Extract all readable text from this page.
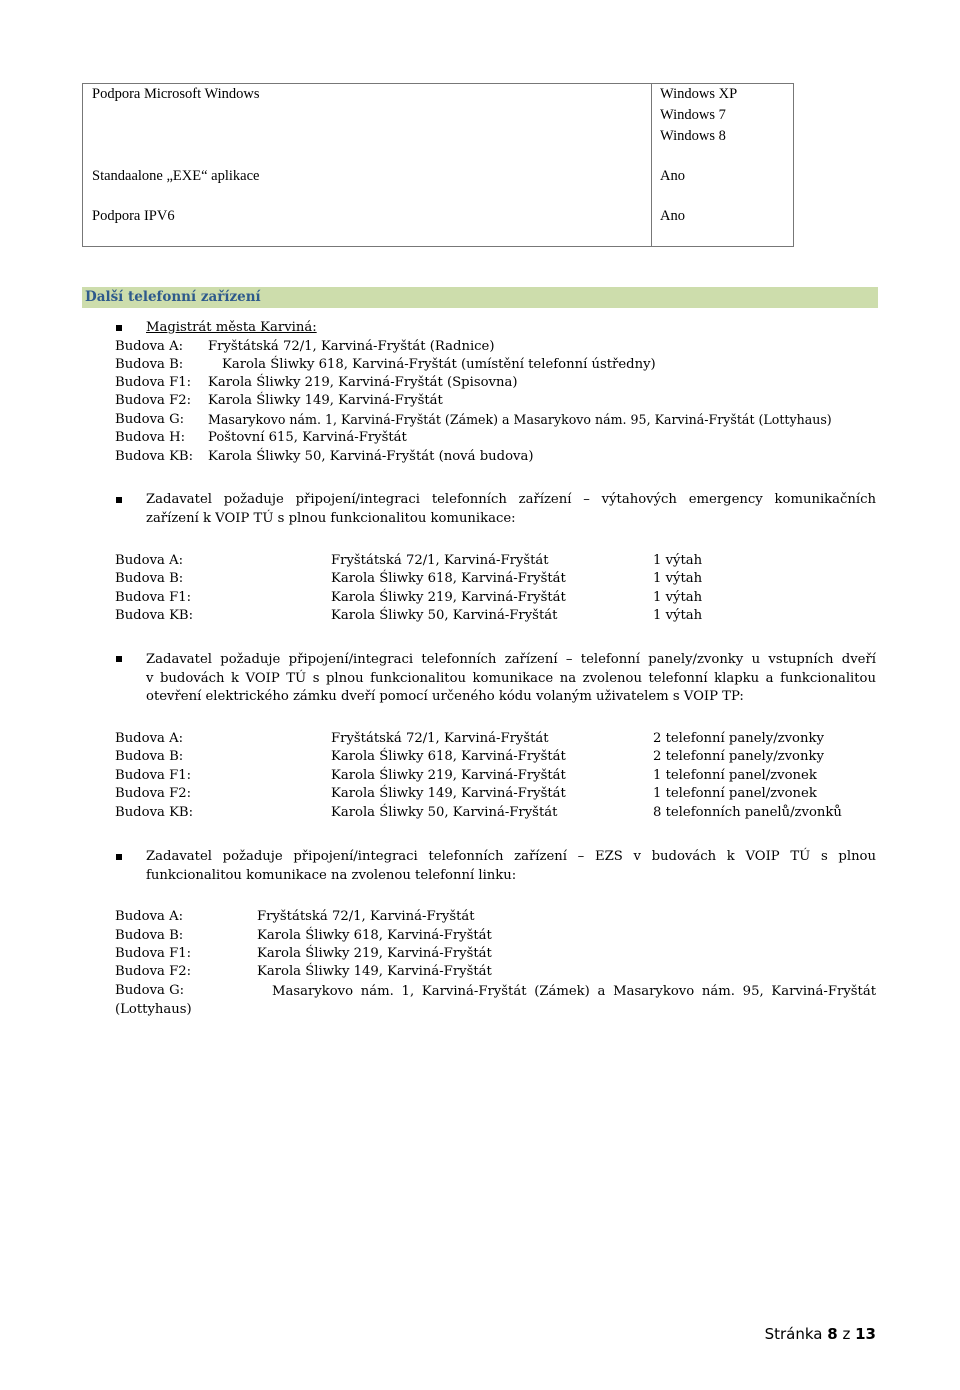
Podpora Microsoft Windows	Windows XP
Windows 7
Windows 8
Standaalone „EXE“ aplikace	Ano
Podpora IPV6	Ano
Další telefonní zařízení
Magistrát města Karviná:
Budova A: Fryštátská 72/1, Karviná-Fryštát (Radnice)
Budova B:	Karola Śliwky 618, Karviná-Fryštát (umístění telefonní ústředny)
Budova F1: Karola Śliwky 219, Karviná-Fryštát (Spisovna)
Budova F2: Karola Śliwky 149, Karviná-Fryštát
Budova G: Masarykovo nám. 1, Karviná-Fryštát (Zámek) a Masarykovo nám. 95, Karviná-Fryštát (Lottyhaus)
Budova H: Poštovní 615, Karviná-Fryštát
Budova KB: Karola Śliwky 50, Karviná-Fryštát (nová budova)
Zadavatel požaduje připojení/integraci telefonních zařízení – výtahových emergency komunikačních
zařízení k VOIP TÚ s plnou funkcionalitou komunikace:
Budova A:	Fryštátská 72/1, Karviná-Fryštát	1 výtah
Budova B:	Karola Śliwky 618, Karviná-Fryštát	1 výtah
Budova F1:	Karola Śliwky 219, Karviná-Fryštát	1 výtah
Budova KB:	Karola Śliwky 50, Karviná-Fryštát	1 výtah
Zadavatel požaduje připojení/integraci telefonních zařízení – telefonní panely/zvonky u vstupních dveří
v budovách k VOIP TÚ s plnou funkcionalitou komunikace na zvolenou telefonní klapku a funkcionalitou
otevření elektrického zámku dveří pomocí určeného kódu volaným uživatelem s VOIP TP:
Budova A:	Fryštátská 72/1, Karviná-Fryštát	2 telefonní panely/zvonky
Budova B:	Karola Śliwky 618, Karviná-Fryštát	2 telefonní panely/zvonky
Budova F1:	Karola Śliwky 219, Karviná-Fryštát	1 telefonní panel/zvonek
Budova F2:	Karola Śliwky 149, Karviná-Fryštát	1 telefonní panel/zvonek
Budova KB:	Karola Śliwky 50, Karviná-Fryštát	8 telefonních panelů/zvonků
Zadavatel požaduje připojení/integraci telefonních zařízení – EZS v budovách k VOIP TÚ s plnou
funkcionalitou komunikace na zvolenou telefonní linku:
Budova A:	Fryštátská 72/1, Karviná-Fryštát
Budova B:	Karola Śliwky 618, Karviná-Fryštát
Budova F1:	Karola Śliwky 219, Karviná-Fryštát
Budova F2:	Karola Śliwky 149, Karviná-Fryštát
Budova G:	Masarykovo nám. 1, Karviná-Fryštát (Zámek) a Masarykovo nám. 95, Karviná-Fryštát
(Lottyhaus)
Stránka 8 z 13
